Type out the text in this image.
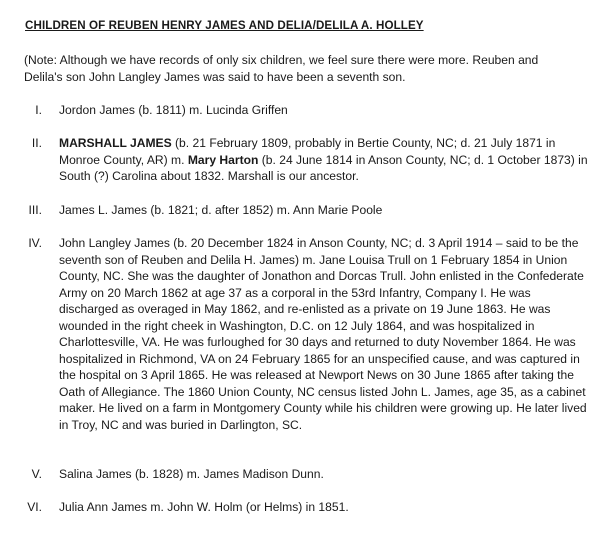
CHILDREN OF REUBEN HENRY JAMES AND DELIA/DELILA A. HOLLEY

(Note: Although we have records of only six children, we feel sure there were more. Reuben and Delila's son John Langley James was said to have been a seventh son.

I. Jordon James (b. 1811) m. Lucinda Griffen
II. MARSHALL JAMES (b. 21 February 1809, probably in Bertie County, NC; d. 21 July 1871 in Monroe County, AR) m. Mary Harton (b. 24 June 1814 in Anson County, NC; d. 1 October 1873) in South (?) Carolina about 1832. Marshall is our ancestor.
III. James L. James (b. 1821; d. after 1852) m. Ann Marie Poole
IV. John Langley James (b. 20 December 1824 in Anson County, NC; d. 3 April 1914 – said to be the seventh son of Reuben and Delila H. James) m. Jane Louisa Trull on 1 February 1854 in Union County, NC. She was the daughter of Jonathon and Dorcas Trull. John enlisted in the Confederate Army on 20 March 1862 at age 37 as a corporal in the 53rd Infantry, Company I. He was discharged as overaged in May 1862, and re-enlisted as a private on 19 June 1863. He was wounded in the right cheek in Washington, D.C. on 12 July 1864, and was hospitalized in Charlottesville, VA. He was furloughed for 30 days and returned to duty November 1864. He was hospitalized in Richmond, VA on 24 February 1865 for an unspecified cause, and was captured in the hospital on 3 April 1865. He was released at Newport News on 30 June 1865 after taking the Oath of Allegiance. The 1860 Union County, NC census listed John L. James, age 35, as a cabinet maker. He lived on a farm in Montgomery County while his children were growing up. He later lived in Troy, NC and was buried in Darlington, SC.
V. Salina James (b. 1828) m. James Madison Dunn.
VI. Julia Ann James m. John W. Holm (or Helms) in 1851.
